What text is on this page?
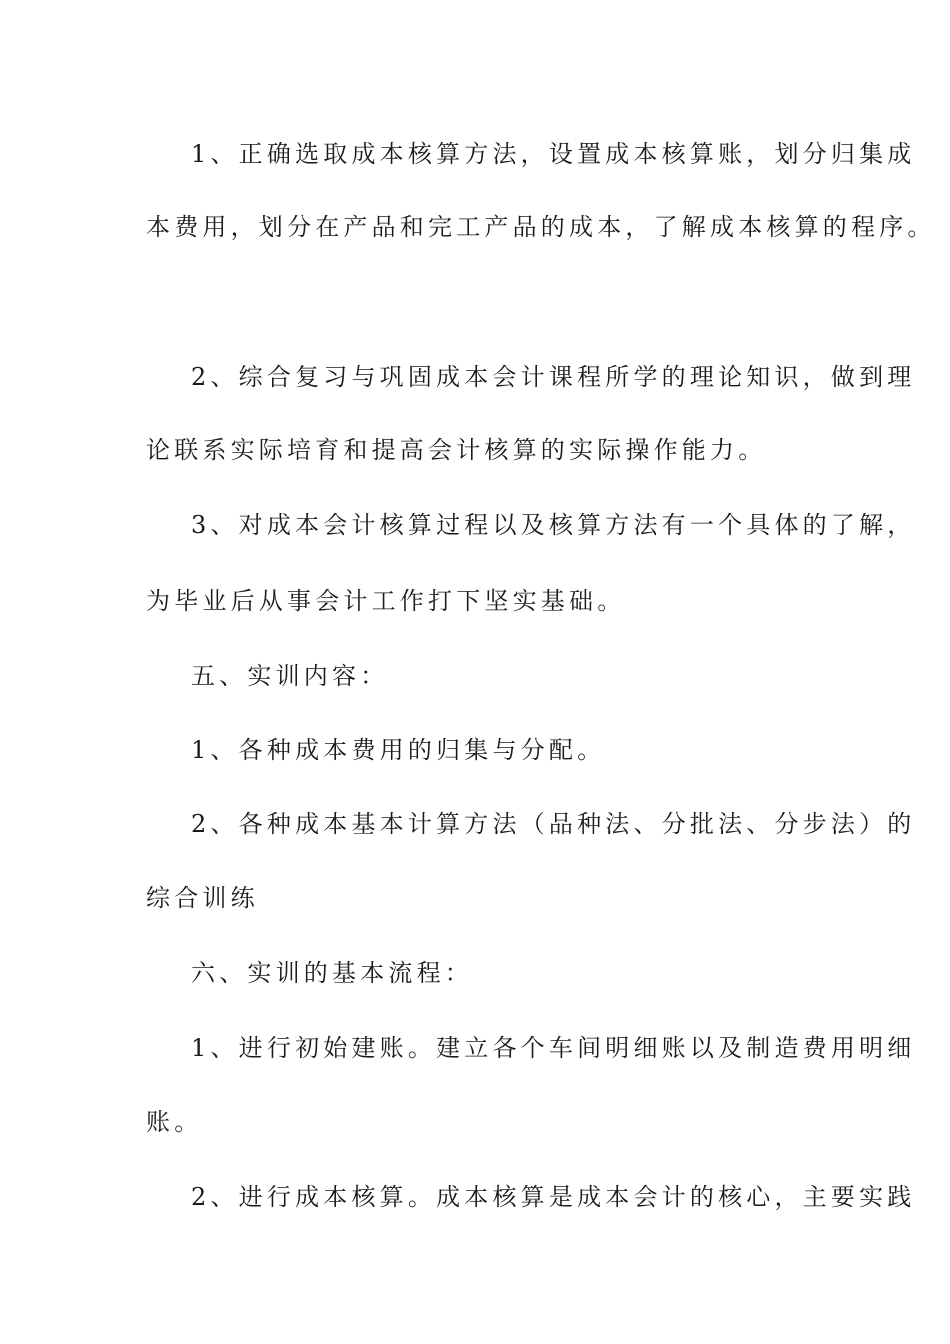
1、正确选取成本核算方法，设置成本核算账，划分归集成
本费用，划分在产品和完工产品的成本，了解成本核算的程序。
2、综合复习与巩固成本会计课程所学的理论知识，做到理
论联系实际培育和提高会计核算的实际操作能力。
3、对成本会计核算过程以及核算方法有一个具体的了解，
为毕业后从事会计工作打下坚实基础。
五、实训内容：
1、各种成本费用的归集与分配。
2、各种成本基本计算方法（品种法、分批法、分步法）的
综合训练
六、实训的基本流程：
1、进行初始建账。建立各个车间明细账以及制造费用明细
账。
2、进行成本核算。成本核算是成本会计的核心，主要实践
